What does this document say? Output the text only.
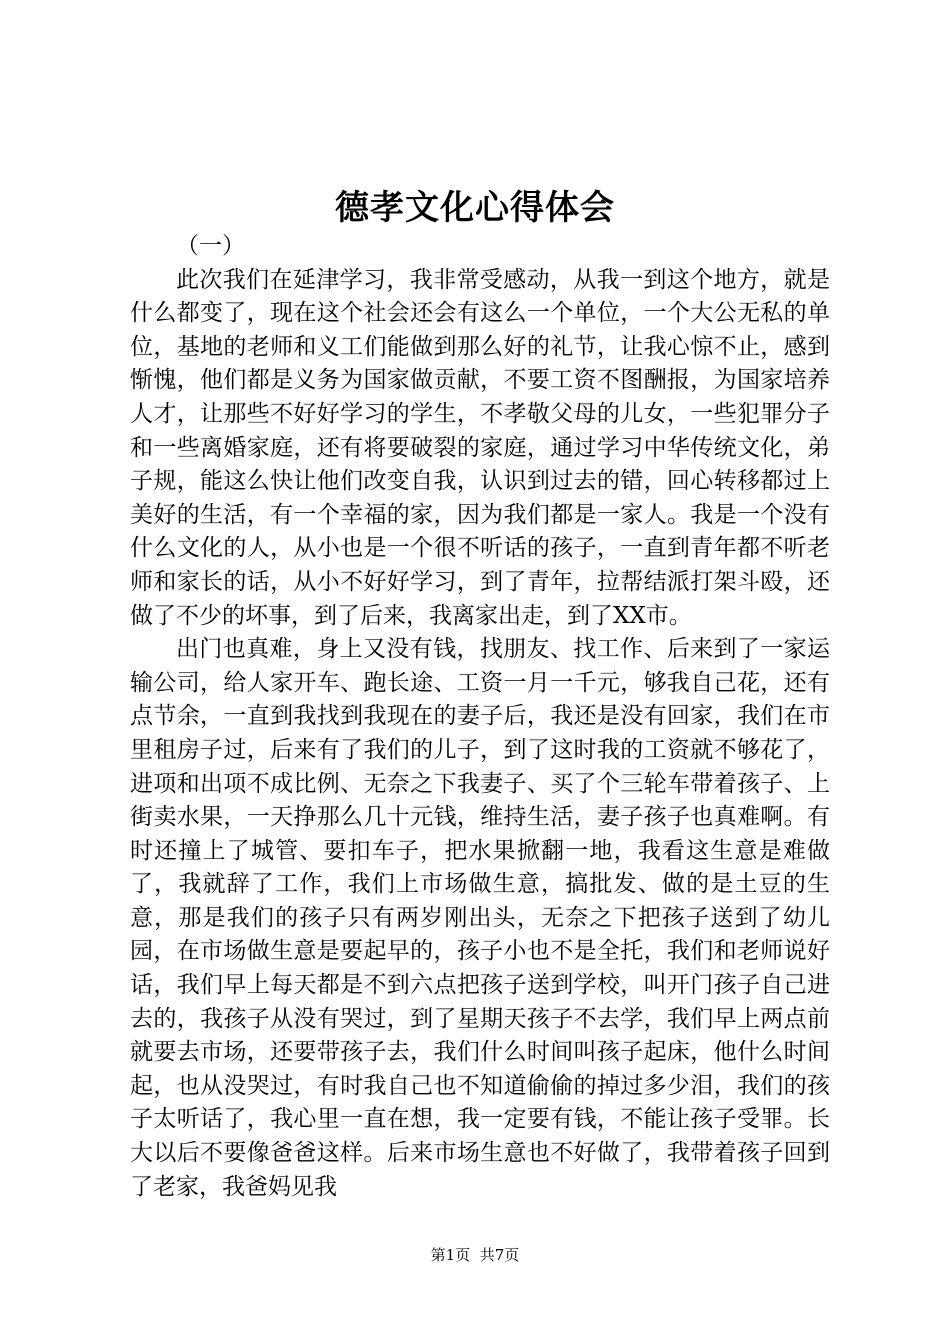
德孝文化心得体会

（一）

此次我们在延津学习，我非常受感动，从我一到这个地方，就是什么都变了，现在这个社会还会有这么一个单位，一个大公无私的单位，基地的老师和义工们能做到那么好的礼节，让我心惊不止，感到惭愧，他们都是义务为国家做贡献，不要工资不图酬报，为国家培养人才，让那些不好好学习的学生，不孝敬父母的儿女，一些犯罪分子和一些离婚家庭，还有将要破裂的家庭，通过学习中华传统文化，弟子规，能这么快让他们改变自我，认识到过去的错，回心转移都过上美好的生活，有一个幸福的家，因为我们都是一家人。我是一个没有什么文化的人，从小也是一个很不听话的孩子，一直到青年都不听老师和家长的话，从小不好好学习，到了青年，拉帮结派打架斗殴，还做了不少的坏事，到了后来，我离家出走，到了XX市。

出门也真难，身上又没有钱，找朋友、找工作、后来到了一家运输公司，给人家开车、跑长途、工资一月一千元，够我自己花，还有点节余，一直到我找到我现在的妻子后，我还是没有回家，我们在市里租房子过，后来有了我们的儿子，到了这时我的工资就不够花了，进项和出项不成比例、无奈之下我妻子、买了个三轮车带着孩子、上街卖水果，一天挣那么几十元钱，维持生活，妻子孩子也真难啊。有时还撞上了城管、要扣车子，把水果掀翻一地，我看这生意是难做了，我就辞了工作，我们上市场做生意，搞批发、做的是土豆的生意，那是我们的孩子只有两岁刚出头，无奈之下把孩子送到了幼儿园，在市场做生意是要起早的，孩子小也不是全托，我们和老师说好话，我们早上每天都是不到六点把孩子送到学校，叫开门孩子自己进去的，我孩子从没有哭过，到了星期天孩子不去学，我们早上两点前就要去市场，还要带孩子去，我们什么时间叫孩子起床，他什么时间起，也从没哭过，有时我自己也不知道偷偷的掉过多少泪，我们的孩子太听话了，我心里一直在想，我一定要有钱，不能让孩子受罪。长大以后不要像爸爸这样。后来市场生意也不好做了，我带着孩子回到了老家，我爸妈见我

第1页 共7页
